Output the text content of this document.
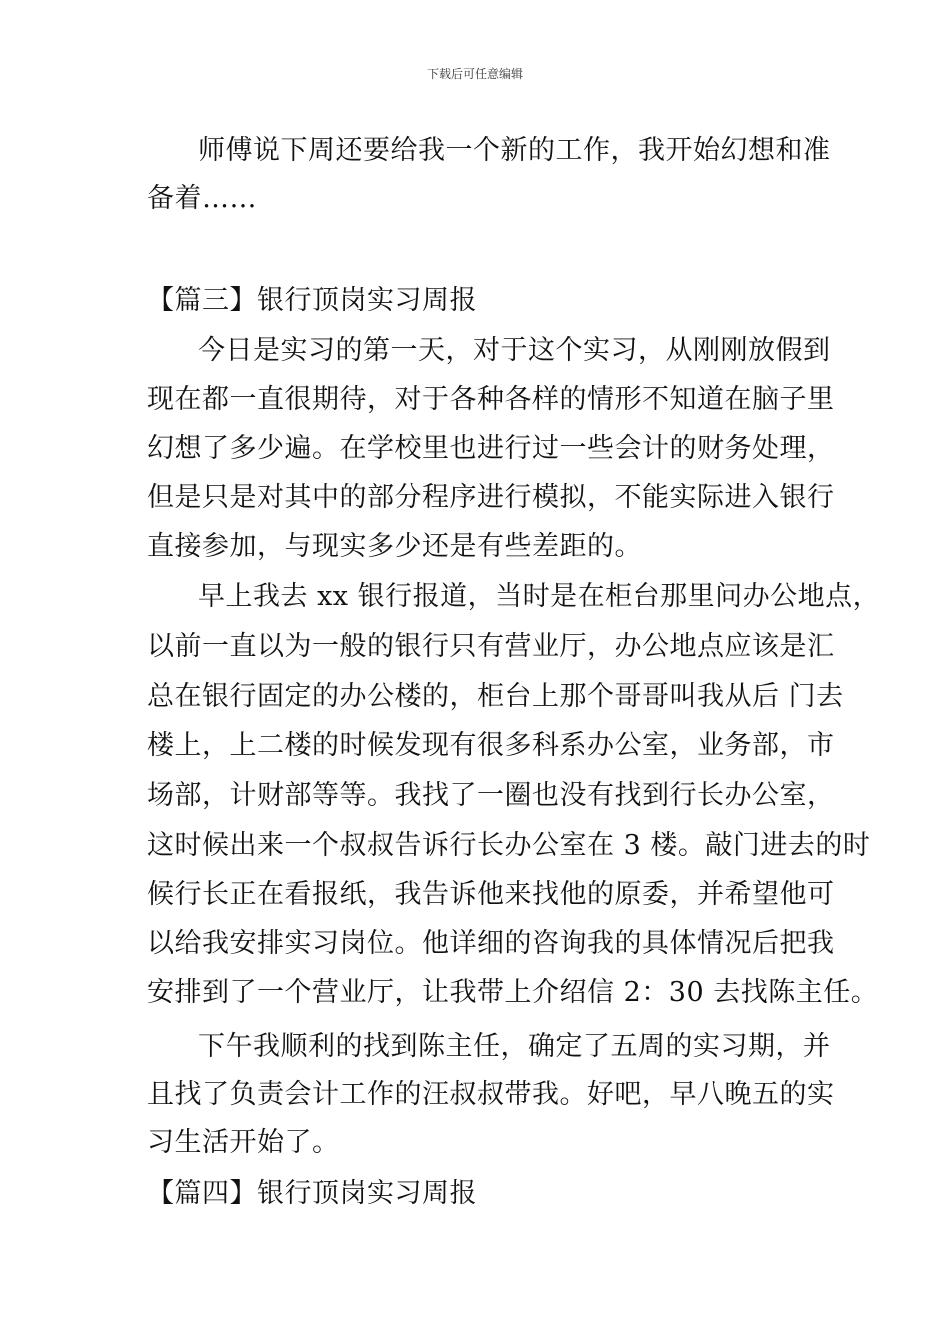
下载后可任意编辑
师傅说下周还要给我一个新的工作，我开始幻想和准
备着……
【篇三】银行顶岗实习周报
今日是实习的第一天，对于这个实习，从刚刚放假到
现在都一直很期待，对于各种各样的情形不知道在脑子里
幻想了多少遍。在学校里也进行过一些会计的财务处理，
但是只是对其中的部分程序进行模拟，不能实际进入银行
直接参加，与现实多少还是有些差距的。
早上我去 xx 银行报道，当时是在柜台那里问办公地点，
以前一直以为一般的银行只有营业厅，办公地点应该是汇
总在银行固定的办公楼的，柜台上那个哥哥叫我从后 门去
楼上，上二楼的时候发现有很多科系办公室，业务部，市
场部，计财部等等。我找了一圈也没有找到行长办公室，
这时候出来一个叔叔告诉行长办公室在 3 楼。敲门进去的时
候行长正在看报纸，我告诉他来找他的原委，并希望他可
以给我安排实习岗位。他详细的咨询我的具体情况后把我
安排到了一个营业厅，让我带上介绍信 2：30 去找陈主任。
下午我顺利的找到陈主任，确定了五周的实习期，并
且找了负责会计工作的汪叔叔带我。好吧，早八晚五的实
习生活开始了。
【篇四】银行顶岗实习周报
